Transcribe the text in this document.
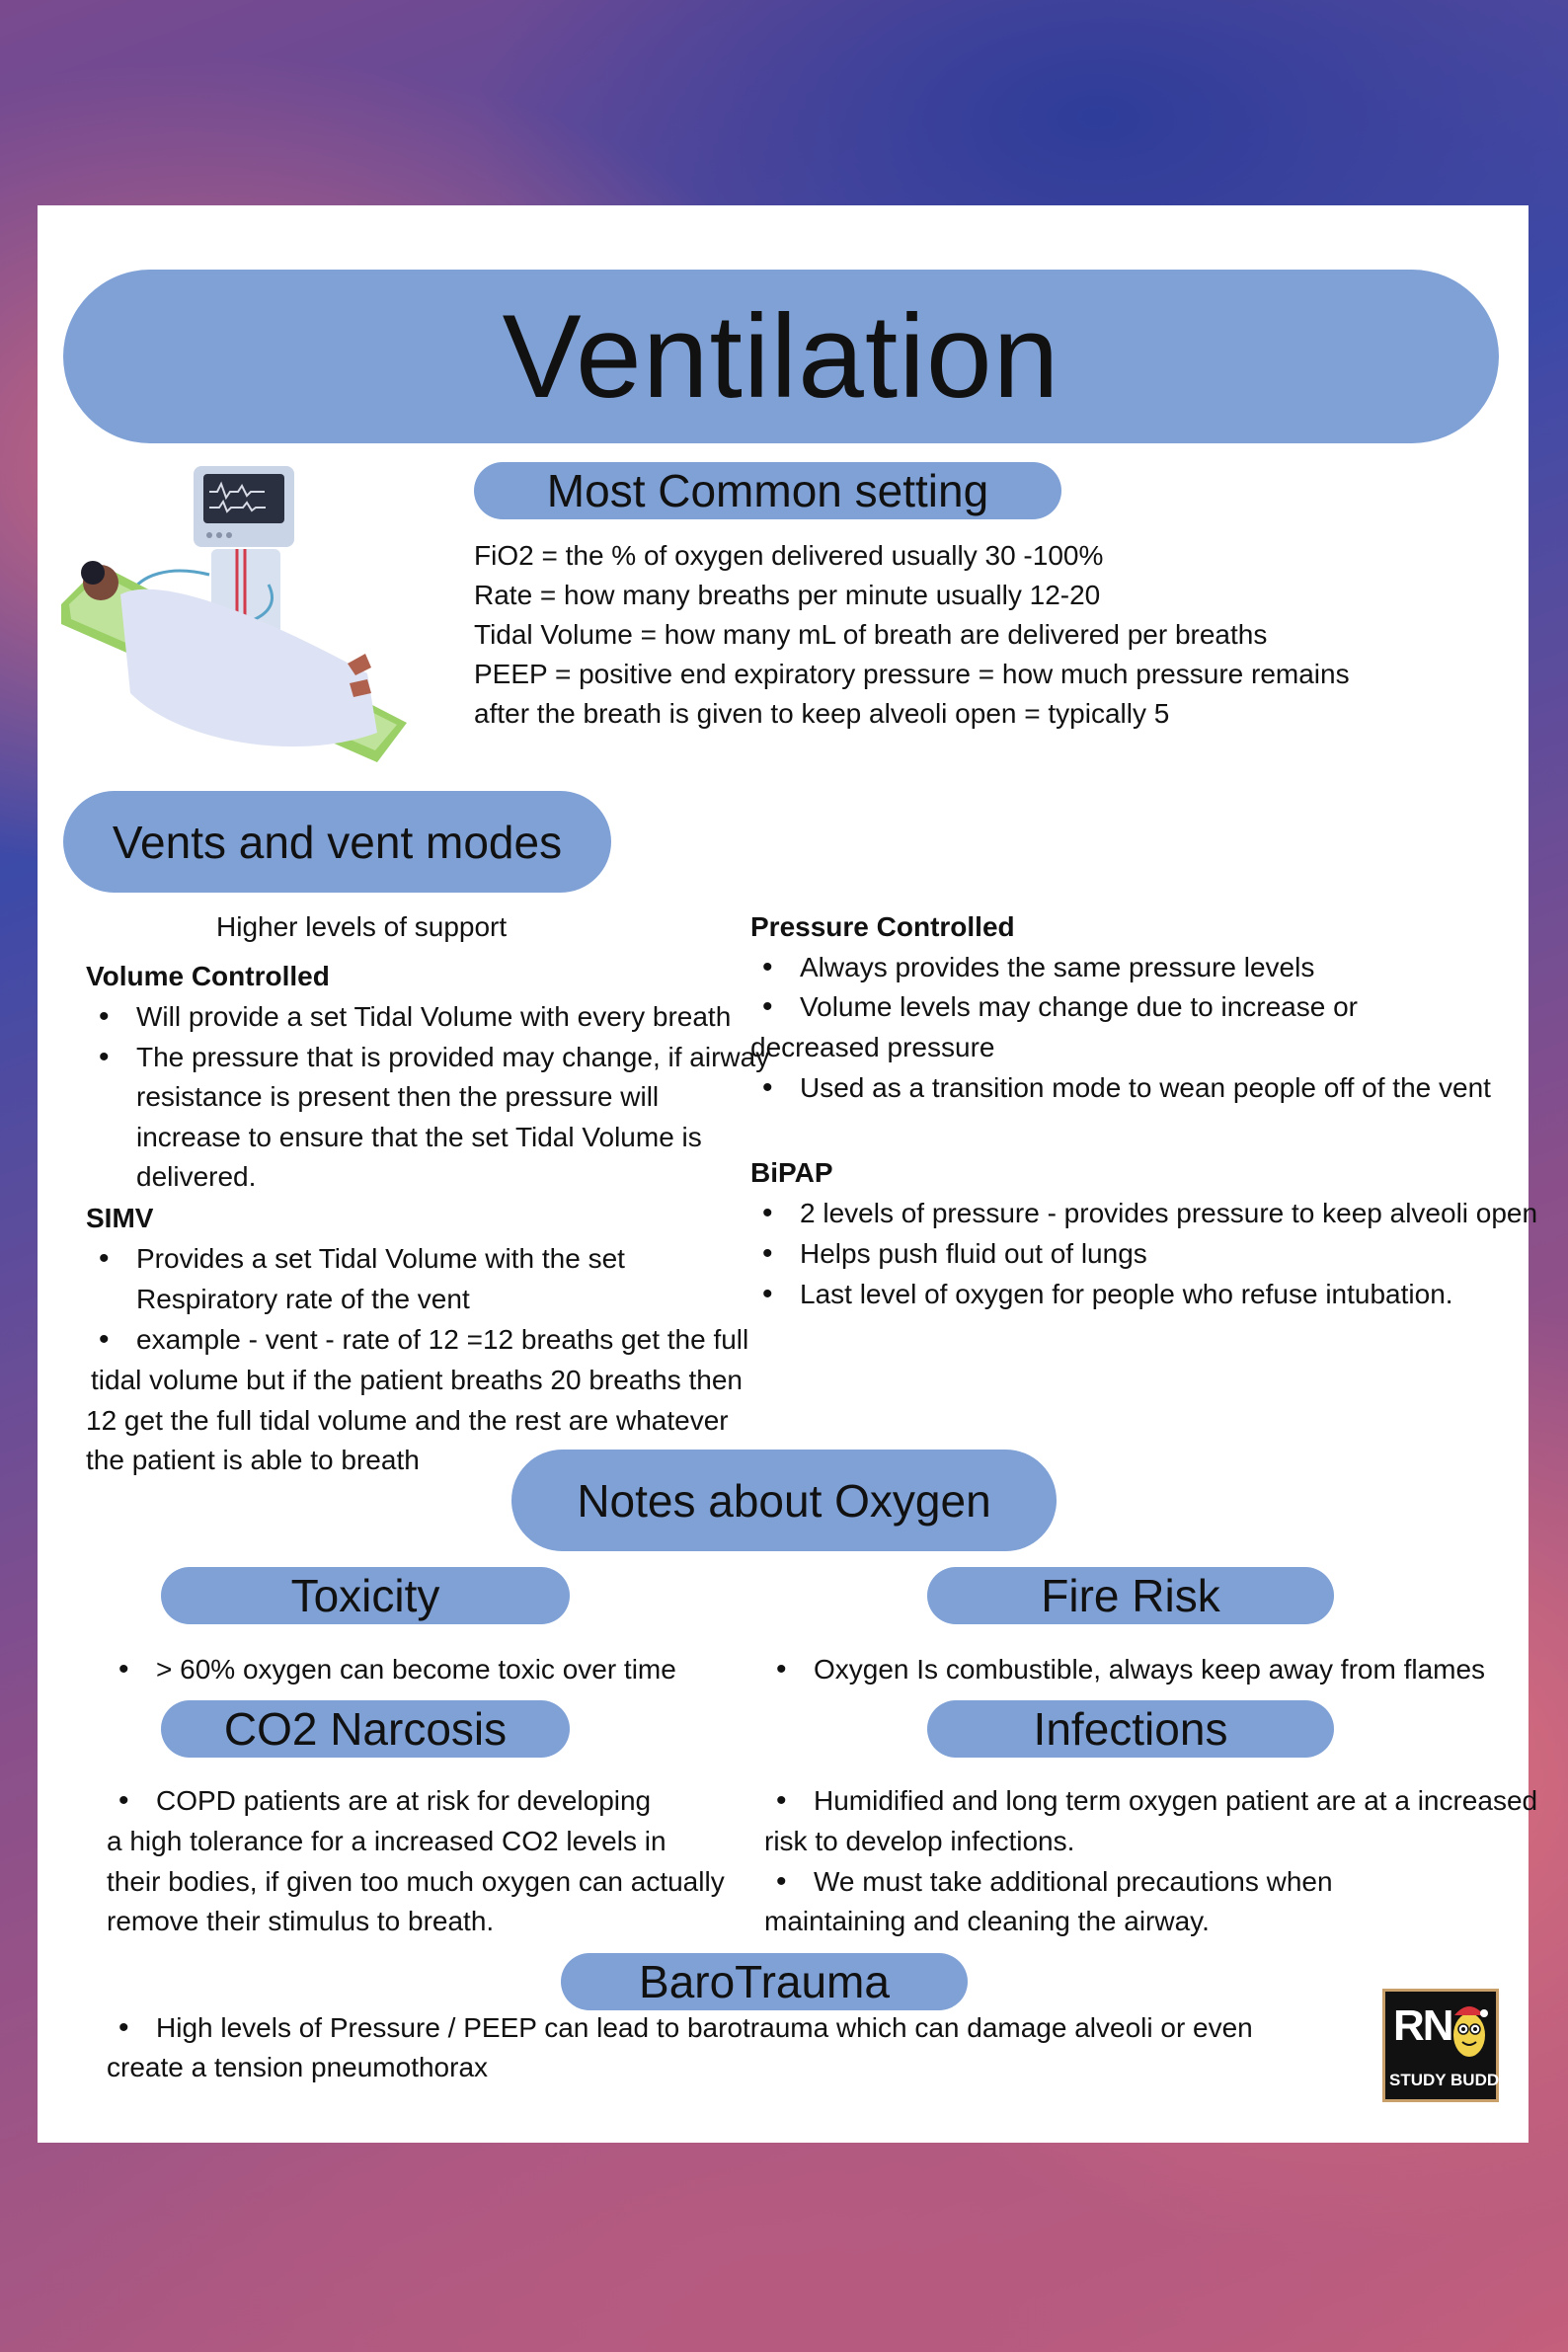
Ventilation
Most Common setting
FiO2 = the % of oxygen delivered usually 30 -100%
Rate = how many breaths per minute usually 12-20
Tidal Volume = how many mL of breath are delivered per breaths
PEEP = positive end expiratory pressure = how much pressure remains
after the breath is given to keep alveoli open = typically 5
Vents and vent modes
Higher levels of support
Volume Controlled
• Will provide a set Tidal Volume with every breath
• The pressure that is provided may change, if airway
resistance is present then the pressure will
increase to ensure that the set Tidal Volume is
delivered.
SIMV
• Provides a set Tidal Volume with the set
Respiratory rate of the vent
• example - vent - rate of 12 =12 breaths get the full
tidal volume but if the patient breaths 20 breaths then
12 get the full tidal volume and the rest are whatever
the patient is able to breath
Pressure Controlled
• Always provides the same pressure levels
• Volume levels may change due to increase or
decreased pressure
• Used as a transition mode to wean people off of the vent
BiPAP
• 2 levels of pressure - provides pressure to keep alveoli open
• Helps push fluid out of lungs
• Last level of oxygen for people who refuse intubation.
Notes about Oxygen
Toxicity
• > 60% oxygen can become toxic over time
Fire Risk
• Oxygen Is combustible, always keep away from flames
CO2 Narcosis
• COPD patients are at risk for developing
a high tolerance for a increased CO2 levels in
their bodies, if given too much oxygen can actually
remove their stimulus to breath.
Infections
• Humidified and long term oxygen patient are at a increased
risk to develop infections.
• We must take additional precautions when
maintaining and cleaning the airway.
BaroTrauma
• High levels of Pressure / PEEP can lead to barotrauma which can damage alveoli or even
create a tension pneumothorax
RN
STUDY BUDDY
